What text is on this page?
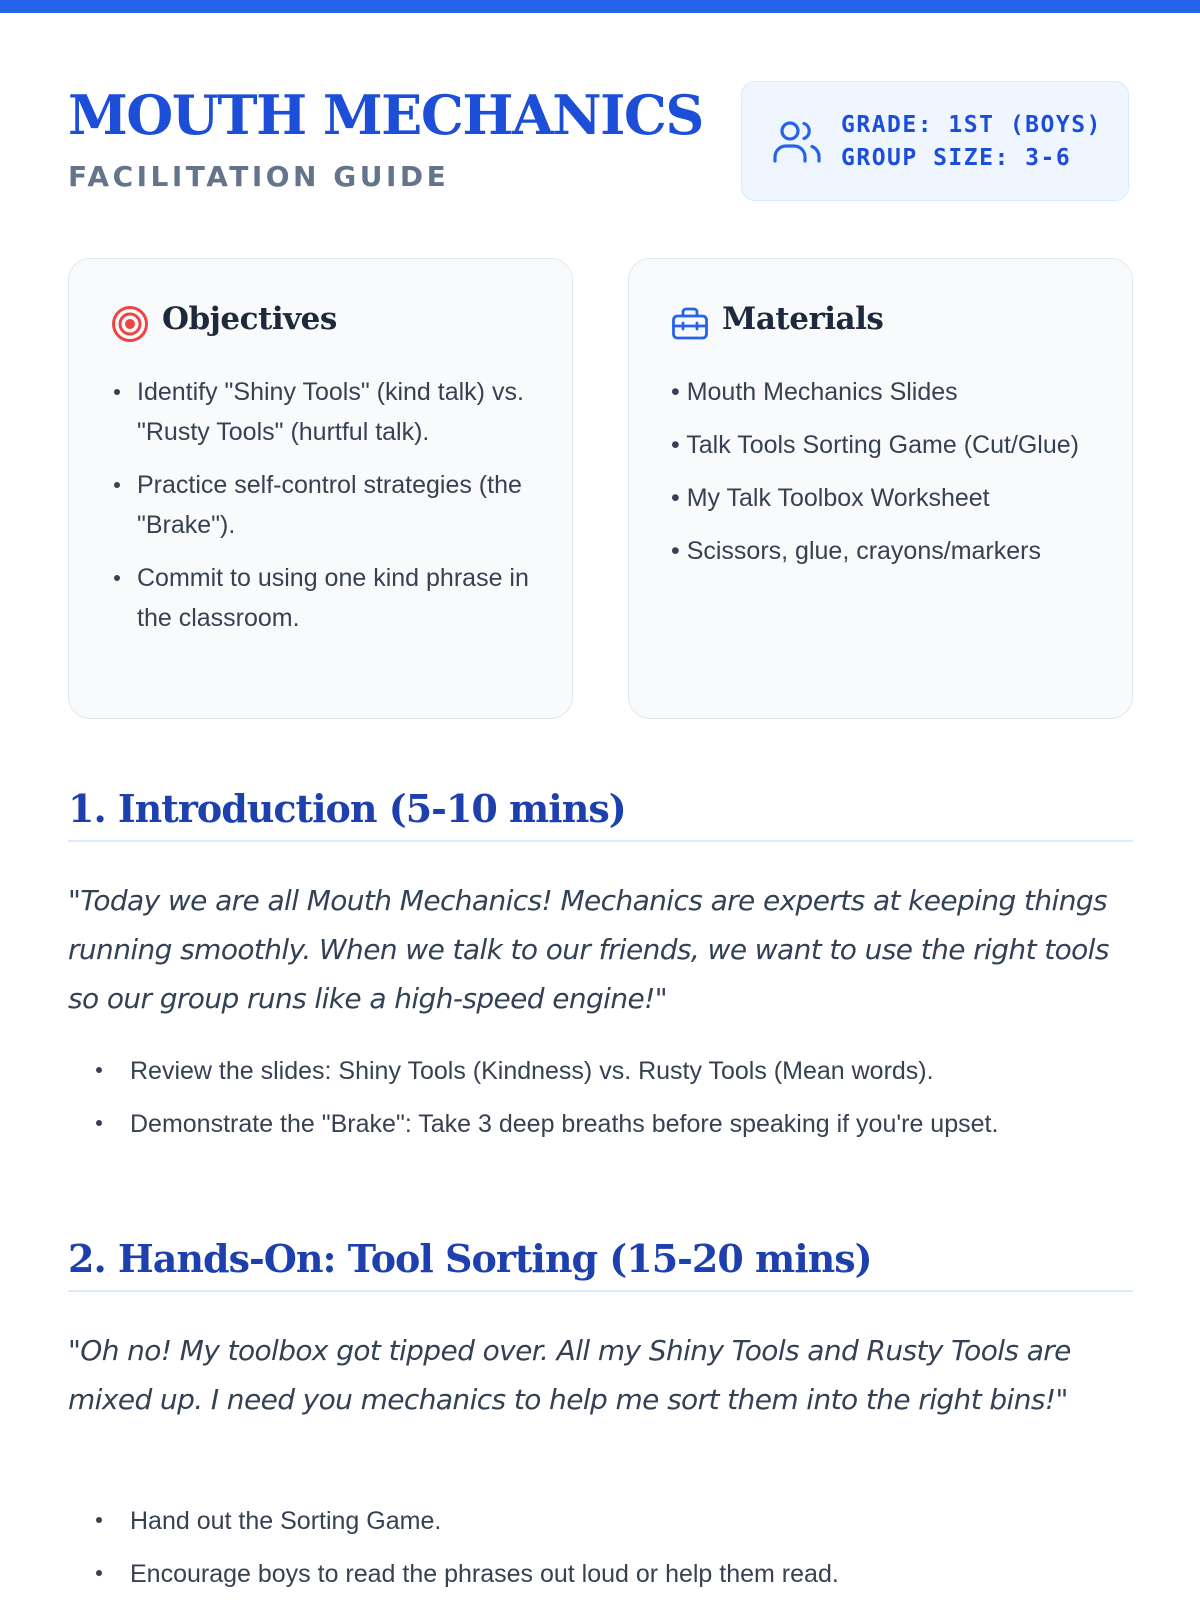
MOUTH MECHANICS
FACILITATION GUIDE
GRADE: 1ST (BOYS)
GROUP SIZE: 3-6
Objectives
Identify "Shiny Tools" (kind talk) vs. "Rusty Tools" (hurtful talk).
Practice self-control strategies (the "Brake").
Commit to using one kind phrase in the classroom.
Materials
• Mouth Mechanics Slides
• Talk Tools Sorting Game (Cut/Glue)
• My Talk Toolbox Worksheet
• Scissors, glue, crayons/markers
1. Introduction (5-10 mins)

"Today we are all Mouth Mechanics! Mechanics are experts at keeping things running smoothly. When we talk to our friends, we want to use the right tools so our group runs like a high-speed engine!"

Review the slides: Shiny Tools (Kindness) vs. Rusty Tools (Mean words).
Demonstrate the "Brake": Take 3 deep breaths before speaking if you're upset.
2. Hands-On: Tool Sorting (15-20 mins)

"Oh no! My toolbox got tipped over. All my Shiny Tools and Rusty Tools are mixed up. I need you mechanics to help me sort them into the right bins!"

Hand out the Sorting Game.
Encourage boys to read the phrases out loud or help them read.
